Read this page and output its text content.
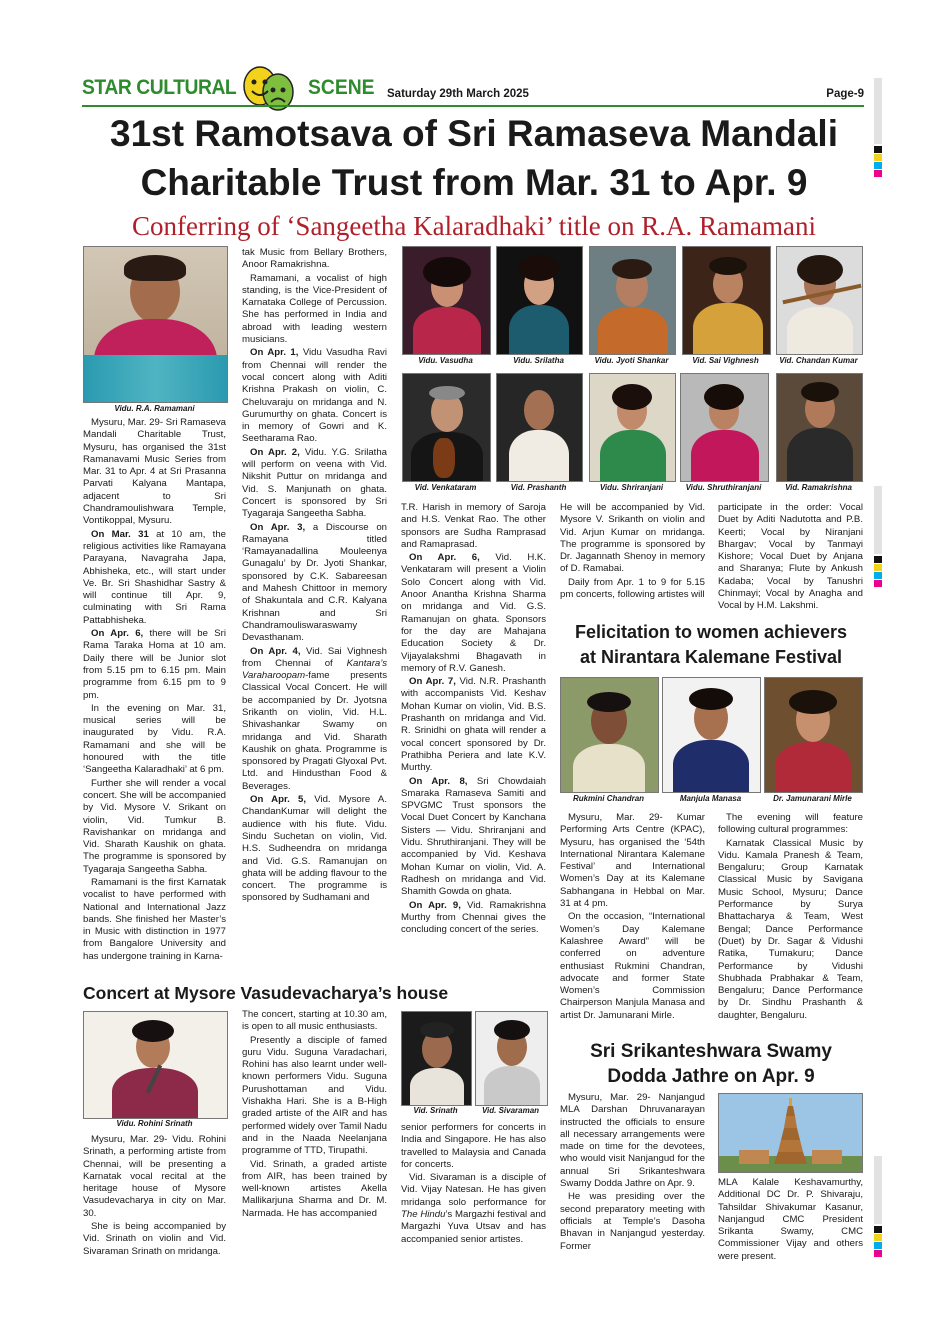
STAR CULTURAL	SCENE Saturday 29th March 2025	Page-9
31st Ramotsava of Sri Ramaseva Mandali
Charitable Trust from Mar. 31 to Apr. 9
Conferring of ‘Sangeetha Kalaradhaki’ title on R.A. Ramamani
Vidu. R.A. Ramamani
Vidu. Vasudha	Vidu. Srilatha	Vidu. Jyoti Shankar	Vid. Sai Vighnesh	Vid. Chandan Kumar
Vid. Venkataram	Vid. Prashanth	Vidu. Shriranjani	Vidu. Shruthiranjani	Vid. Ramakrishna

Mysuru, Mar. 29- Sri Ramaseva Mandali Charitable Trust, Mysuru, has organised the 31st Ramanavami Music Series from Mar. 31 to Apr. 4 at Sri Prasanna Parvati Kalyana Mantapa, adjacent to Sri Chandramoulishwara Temple, Vontikoppal, Mysuru.

On Mar. 31 at 10 am, the religious activities like Ramayana Parayana, Navagraha Japa, Abhisheka, etc., will start under Ve. Br. Sri Shashidhar Sastry & will continue till Apr. 9, culminating with Sri Rama Pattabhisheka.

On Apr. 6, there will be Sri Rama Taraka Homa at 10 am. Daily there will be Junior slot from 5.15 pm to 6.15 pm. Main programme from 6.15 pm to 9 pm.

In the evening on Mar. 31, musical series will be inaugurated by Vidu. R.A. Ramamani and she will be honoured with the title ‘Sangeetha Kalaradhaki’ at 6 pm.

Further she will render a vocal concert. She will be accompanied by Vid. Mysore V. Srikant on violin, Vid. Tumkur B. Ravishankar on mridanga and Vid. Sharath Kaushik on ghata. The programme is sponsored by Tyagaraja Sangeetha Sabha.

Ramamani is the first Karnatak vocalist to have performed with National and International Jazz bands. She finished her Master’s in Music with distinction in 1977 from Bangalore University and has undergone training in Karna-

tak Music from Bellary Brothers, Anoor Ramakrishna.

Ramamani, a vocalist of high standing, is the Vice-President of Karnataka College of Percussion. She has performed in India and abroad with leading western musicians.

On Apr. 1, Vidu Vasudha Ravi from Chennai will render the vocal concert along with Aditi Krishna Prakash on violin, C. Cheluvaraju on mridanga and N. Gurumurthy on ghata. Concert is in memory of Gowri and K. Seetharama Rao.

On Apr. 2, Vidu. Y.G. Srilatha will perform on veena with Vid. Nikshit Puttur on mridanga and Vid. S. Manjunath on ghata. Concert is sponsored by Sri Tyagaraja Sangeetha Sabha.

On Apr. 3, a Discourse on Ramayana titled ‘Ramayanadallina Mouleenya Gunagalu’ by Dr. Jyoti Shankar, sponsored by C.K. Sabareesan and Mahesh Chittoor in memory of Shakuntala and C.R. Kalyana Krishnan and Sri Chandramouliswaraswamy Devasthanam.

On Apr. 4, Vid. Sai Vighnesh from Chennai of Kantara’s Varaharoopam-fame presents Classical Vocal Concert. He will be accompanied by Dr. Jyotsna Srikanth on violin, Vid. H.L. Shivashankar Swamy on mridanga and Vid. Sharath Kaushik on ghata. Programme is sponsored by Pragati Glyoxal Pvt. Ltd. and Hindusthan Food & Beverages.

On Apr. 5, Vid. Mysore A. ChandanKumar will delight the audience with his flute. Vidu. Sindu Suchetan on violin, Vid. H.S. Sudheendra on mridanga and Vid. G.S. Ramanujan on ghata will be adding flavour to the concert. The programme is sponsored by Sudhamani and

T.R. Harish in memory of Saroja and H.S. Venkat Rao. The other sponsors are Sudha Ramprasad and Ramaprasad.

On Apr. 6, Vid. H.K. Venkataram will present a Violin Solo Concert along with Vid. Anoor Anantha Krishna Sharma on mridanga and Vid. G.S. Ramanujan on ghata. Sponsors for the day are Mahajana Education Society & Dr. Vijayalakshmi Bhagavath in memory of R.V. Ganesh.

On Apr. 7, Vid. N.R. Prashanth with accompanists Vid. Keshav Mohan Kumar on violin, Vid. B.S. Prashanth on mridanga and Vid. R. Srinidhi on ghata will render a vocal concert sponsored by Dr. Prathibha Periera and late K.V. Murthy.

On Apr. 8, Sri Chowdaiah Smaraka Ramaseva Samiti and SPVGMC Trust sponsors the Vocal Duet Concert by Kanchana Sisters — Vidu. Shriranjani and Vidu. Shruthiranjani. They will be accompanied by Vid. Keshava Mohan Kumar on violin, Vid. A. Radhesh on mridanga and Vid. Shamith Gowda on ghata.

On Apr. 9, Vid. Ramakrishna Murthy from Chennai gives the concluding concert of the series.

He will be accompanied by Vid. Mysore V. Srikanth on violin and Vid. Arjun Kumar on mridanga. The programme is sponsored by Dr. Jagannath Shenoy in memory of D. Ramabai.

Daily from Apr. 1 to 9 for 5.15 pm concerts, following artistes will

participate in the order: Vocal Duet by Aditi Nadutotta and P.B. Keerti; Vocal by Niranjani Bhargav; Vocal by Tanmayi Kishore; Vocal Duet by Anjana and Sharanya; Flute by Ankush Kadaba; Vocal by Tanushri Chinmayi; Vocal by Anagha and Vocal by H.M. Lakshmi.

Felicitation to women achievers
at Nirantara Kalemane Festival
Rukmini Chandran	Manjula Manasa	Dr. Jamunarani Mirle

Mysuru, Mar. 29- Kumar Performing Arts Centre (KPAC), Mysuru, has organised the ‘54th International Nirantara Kalemane Festival’ and International Women’s Day at its Kalemane Sabhangana in Hebbal on Mar. 31 at 4 pm.

On the occasion, “International Women’s Day Kalemane Kalashree Award” will be conferred on adventure enthusiast Rukmini Chandran, advocate and former State Women’s Commission Chairperson Manjula Manasa and artist Dr. Jamunarani Mirle.

The evening will feature following cultural programmes:

Karnatak Classical Music by Vidu. Kamala Pranesh & Team, Bengaluru; Group Karnatak Classical Music by Savigana Music School, Mysuru; Dance Performance by Surya Bhattacharya & Team, West Bengal; Dance Performance (Duet) by Dr. Sagar & Vidushi Ratika, Tumakuru; Dance Performance by Vidushi Shubhada Prabhakar & Team, Bengaluru; Dance Performance by Dr. Sindhu Prashanth & daughter, Bengaluru.

Concert at Mysore Vasudevacharya’s house
Vidu. Rohini Srinath

Mysuru, Mar. 29- Vidu. Rohini Srinath, a performing artiste from Chennai, will be presenting a Karnatak vocal recital at the heritage house of Mysore Vasudevacharya in city on Mar. 30.

She is being accompanied by Vid. Srinath on violin and Vid. Sivaraman Srinath on mridanga.

The concert, starting at 10.30 am, is open to all music enthusiasts.

Presently a disciple of famed guru Vidu. Suguna Varadachari, Rohini has also learnt under well-known performers Vidu. Suguna Purushottaman and Vidu. Vishakha Hari. She is a B-High graded artiste of the AIR and has performed widely over Tamil Nadu and in the Naada Neelanjana programme of TTD, Tirupathi.

Vid. Srinath, a graded artiste from AIR, has been trained by well-known artistes Akella Mallikarjuna Sharma and Dr. M. Narmada. He has accompanied

Vid. Srinath	Vid. Sivaraman

senior performers for concerts in India and Singapore. He has also travelled to Malaysia and Canada for concerts.

Vid. Sivaraman is a disciple of Vid. Vijay Natesan. He has given mridanga solo performance for The Hindu’s Margazhi festival and Margazhi Yuva Utsav and has accompanied senior artistes.

Sri Srikanteshwara Swamy
Dodda Jathre on Apr. 9

Mysuru, Mar. 29- Nanjangud MLA Darshan Dhruvanarayan instructed the officials to ensure all necessary arrangements were made on time for the devotees, who would visit Nanjangud for the annual Sri Srikanteshwara Swamy Dodda Jathre on Apr. 9.

He was presiding over the second preparatory meeting with officials at Temple’s Dasoha Bhavan in Nanjangud yesterday. Former

MLA Kalale Keshavamurthy, Additional DC Dr. P. Shivaraju, Tahsildar Shivakumar Kasanur, Nanjangud CMC President Srikanta Swamy, CMC Commissioner Vijay and others were present.
